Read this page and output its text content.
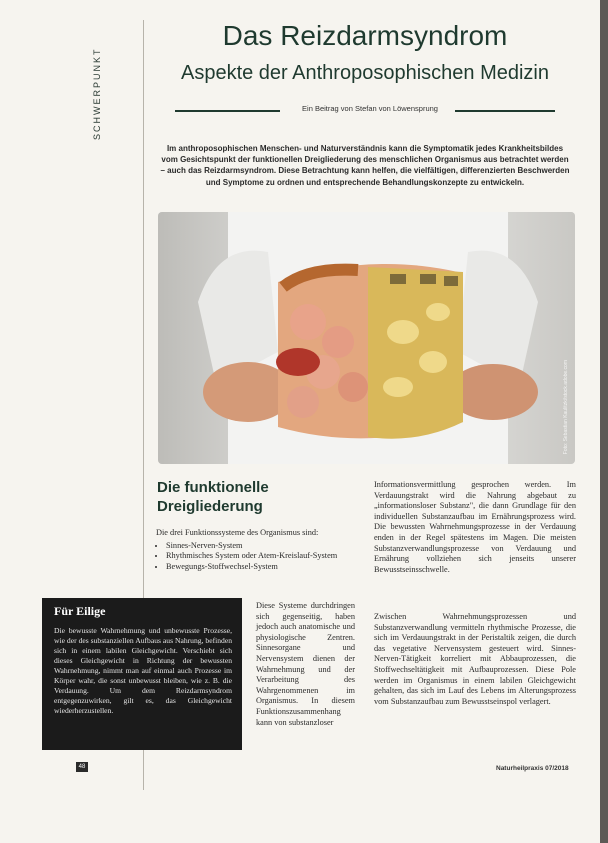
SCHWERPUNKT
Das Reizdarmsyndrom
Aspekte der Anthroposophischen Medizin
Ein Beitrag von Stefan von Löwensprung
Im anthroposophischen Menschen- und Naturverständnis kann die Symptomatik jedes Krankheitsbildes vom Gesichtspunkt der funktionellen Dreigliederung des menschlichen Organismus aus betrachtet werden – auch das Reizdarmsyndrom. Diese Betrachtung kann helfen, die vielfältigen, differenzierten Beschwerden und Symptome zu ordnen und entsprechende Behandlungskonzepte zu entwickeln.
Foto: Sebastian Kaulitzki/stock.adobe.com
Die funktionelle Dreigliederung
Die drei Funktionssysteme des Organismus sind:
• Sinnes-Nerven-System
• Rhythmisches System oder Atem-Kreislauf-System
• Bewegungs-Stoffwechsel-System
Diese Systeme durchdringen sich gegenseitig, haben jedoch auch anatomische und physiologische Zentren. Sinnesorgane und Nervensystem dienen der Wahrnehmung und der Verarbeitung des Wahrgenommenen im Organismus. In diesem Funktionszusammenhang kann von substanzloser
Informationsvermittlung gesprochen werden. Im Verdauungstrakt wird die Nahrung abgebaut zu „informationsloser Substanz", die dann Grundlage für den individuellen Substanzaufbau im Ernährungsprozess wird. Die bewussten Wahrnehmungsprozesse in der Verdauung enden in der Regel spätestens im Magen. Die meisten Substanzverwandlungsprozesse von Verdauung und Ernährung vollziehen sich jenseits unserer Bewusstseinsschwelle.
Zwischen Wahrnehmungsprozessen und Substanzverwandlung vermitteln rhythmische Prozesse, die sich im Verdauungstrakt in der Peristaltik zeigen, die durch das vegetative Nervensystem gesteuert wird. Sinnes-Nerven-Tätigkeit korreliert mit Abbauprozessen, die Stoffwechseltätigkeit mit Aufbauprozessen. Diese Pole werden im Organismus in einem labilen Gleichgewicht gehalten, das sich im Lauf des Lebens im Alterungsprozess vom Substanzaufbau zum Bewusstseinspol verlagert.
Für Eilige
Die bewusste Wahrnehmung und unbewusste Prozesse, wie der des substanziellen Aufbaus aus Nahrung, befinden sich in einem labilen Gleichgewicht. Verschiebt sich dieses Gleichgewicht in Richtung der bewussten Wahrnehmung, nimmt man auf einmal auch Prozesse im Körper wahr, die sonst unbewusst bleiben, wie z. B. die Verdauung. Um dem Reizdarmsyndrom entgegenzuwirken, gilt es, das Gleichgewicht wiederherzustellen.
48	Naturheilpraxis 07/2018
